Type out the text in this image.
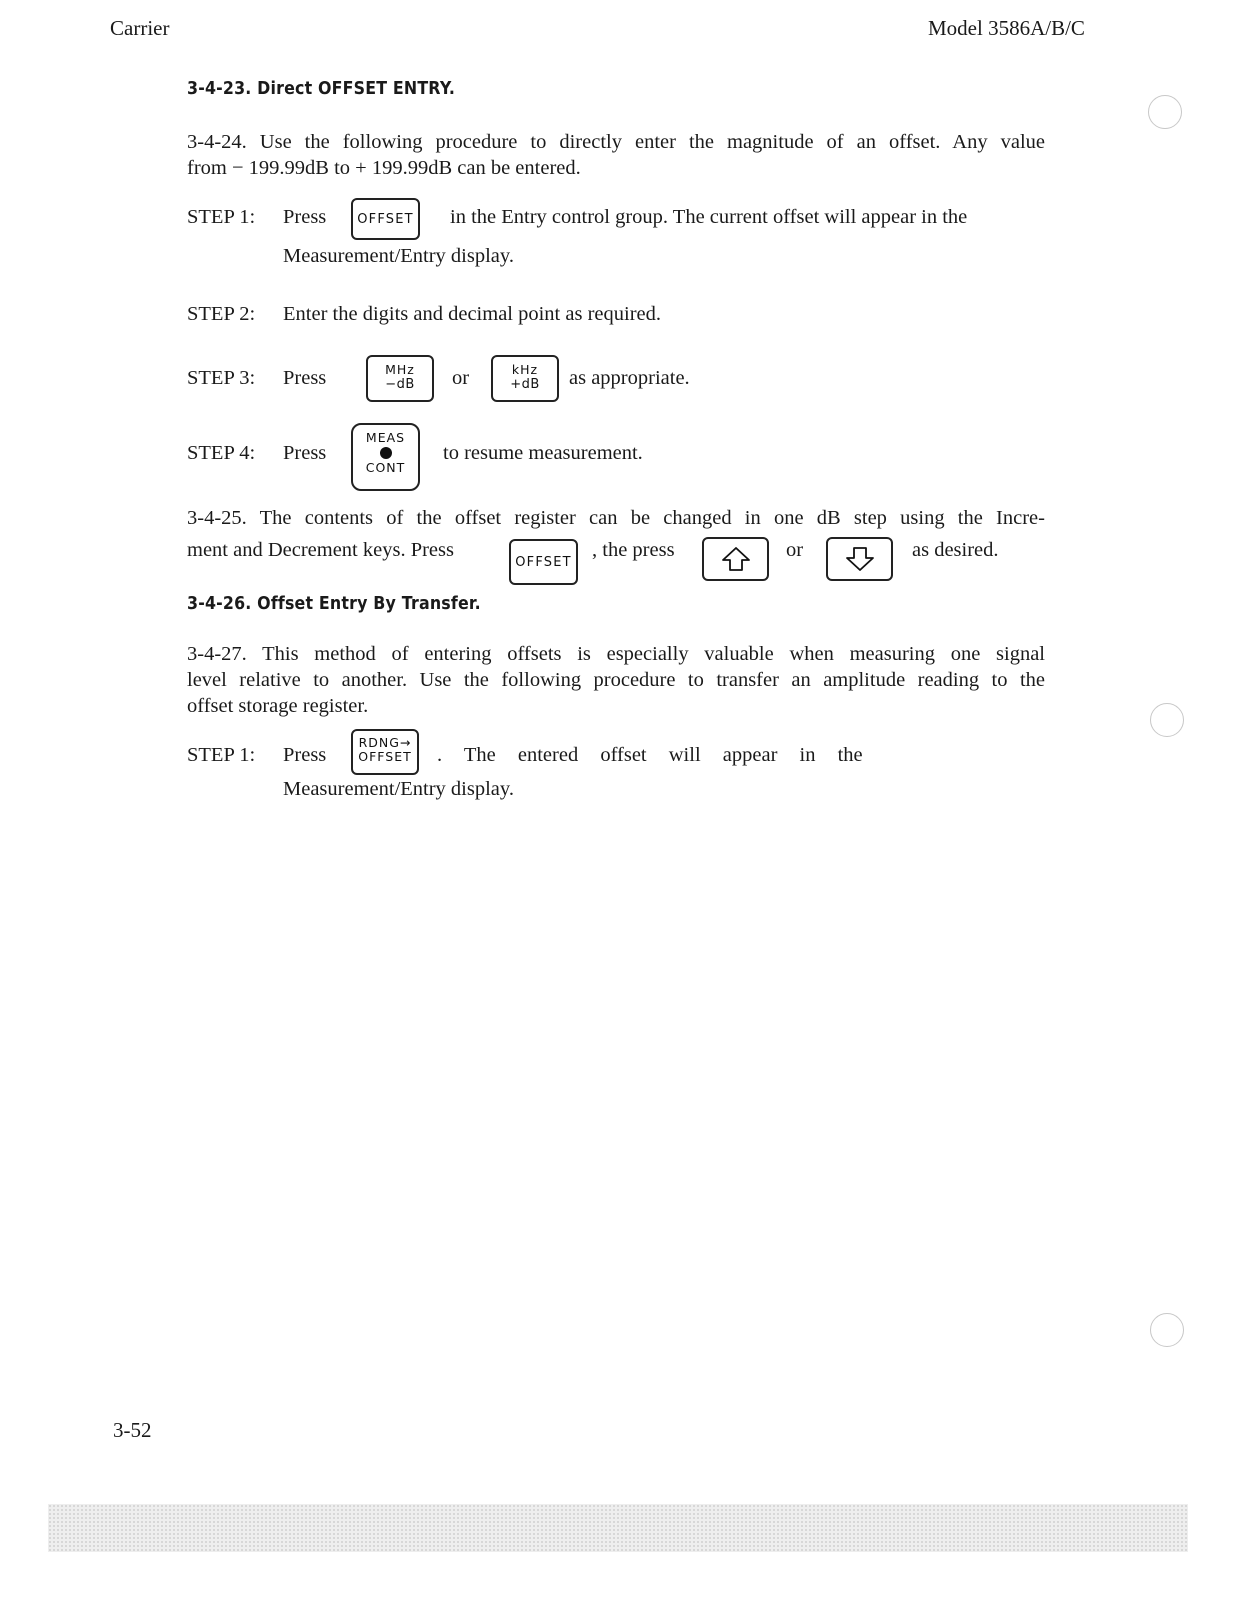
Carrier	Model 3586A/B/C
3-4-23. Direct OFFSET ENTRY.
3-4-24. Use the following procedure to directly enter the magnitude of an offset. Any value
from − 199.99dB to + 199.99dB can be entered.
STEP 1: Press OFFSET in the Entry control group. The current offset will appear in the
Measurement/Entry display.
STEP 2: Enter the digits and decimal point as required.
STEP 3: Press	MHz
−dB	or	kHz
+dB	as appropriate.
STEP 4: Press
MEAS
CONT
to resume measurement.
3-4-25. The contents of the offset register can be changed in one dB step using the Incre-
ment and Decrement keys. Press
OFFSET
, the press	or	as desired.
3-4-26. Offset Entry By Transfer.
3-4-27. This method of entering offsets is especially valuable when measuring one signal
level relative to another. Use the following procedure to transfer an amplitude reading to the
offset storage register.
STEP 1: Press
RDNG→
OFFSET . The entered offset will appear in the
Measurement/Entry display.
3-52
